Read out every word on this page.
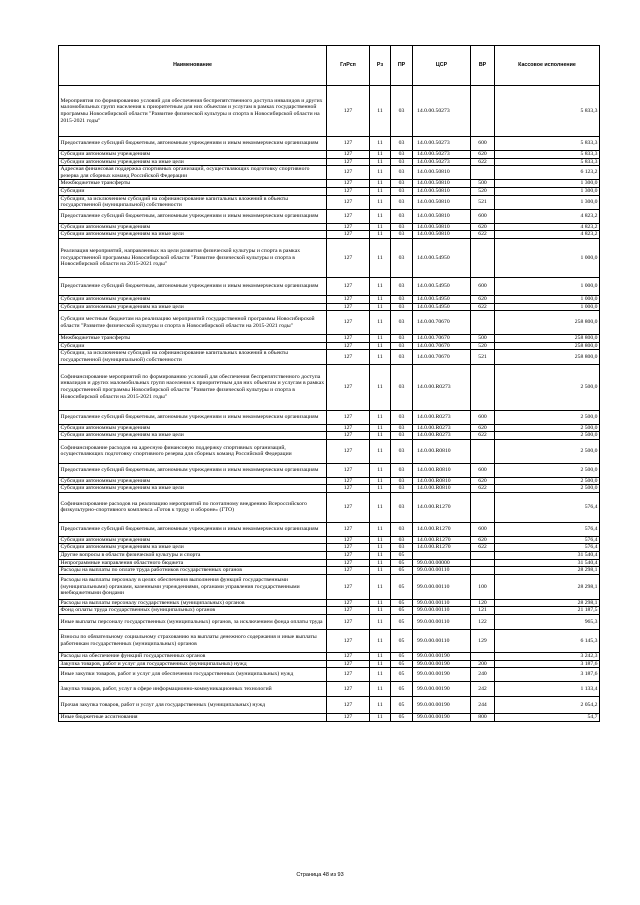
Наименование	ГлРсп	Рз	ПР	ЦСР	ВР	Кассовое исполнение
Мероприятия по формированию условий для обеспечения беспрепятственного доступа инвалидов и других маломобильных групп населения к приоритетным для них объектам и услугам в рамках государственной программы Новосибирской области "Развитие физической культуры и спорта в Новосибирской области на 2015-2021 годы"	127	11	03	14.0.00.50273		5 833,3
Предоставление субсидий бюджетным, автономным учреждениям и иным некоммерческим организациям	127	11	03	14.0.00.50273	600	5 833,3
Субсидии автономным учреждениям	127	11	03	14.0.00.50273	620	5 833,3
Субсидии автономным учреждениям на иные цели	127	11	03	14.0.00.50273	622	5 833,3
Адресная финансовая поддержка спортивных организаций, осуществляющих подготовку спортивного резерва для сборных команд Российской Федерации	127	11	03	14.0.00.50810		6 123,2
Межбюджетные трансферты	127	11	03	14.0.00.50810	500	1 300,0
Субсидии	127	11	03	14.0.00.50810	520	1 300,0
Субсидии, за исключением субсидий на софинансирование капитальных вложений в объекты государственной (муниципальной) собственности	127	11	03	14.0.00.50810	521	1 300,0
Предоставление субсидий бюджетным, автономным учреждениям и иным некоммерческим организациям	127	11	03	14.0.00.50810	600	4 823,2
Субсидии автономным учреждениям	127	11	03	14.0.00.50810	620	4 823,2
Субсидии автономным учреждениям на иные цели	127	11	03	14.0.00.50810	622	4 823,2
Реализация мероприятий, направленных на цели развития физической культуры и спорта в рамках государственной программы Новосибирской области "Развитие физической культуры и спорта в Новосибирской области на 2015-2021 годы"	127	11	03	14.0.00.54950		1 000,0
Предоставление субсидий бюджетным, автономным учреждениям и иным некоммерческим организациям	127	11	03	14.0.00.54950	600	1 000,0
Субсидии автономным учреждениям	127	11	03	14.0.00.54950	620	1 000,0
Субсидии автономным учреждениям на иные цели	127	11	03	14.0.00.54950	622	1 000,0
Субсидии местным бюджетам на реализацию мероприятий государственной программы Новосибирской области "Развитие физической культуры и спорта в Новосибирской области на 2015-2021 годы"	127	11	03	14.0.00.70670		258 800,0
Межбюджетные трансферты	127	11	03	14.0.00.70670	500	258 800,0
Субсидии	127	11	03	14.0.00.70670	520	258 800,0
Субсидии, за исключением субсидий на софинансирование капитальных вложений в объекты государственной (муниципальной) собственности	127	11	03	14.0.00.70670	521	258 800,0
Софинансирование мероприятий по формированию условий для обеспечения беспрепятственного доступа инвалидов и других маломобильных групп населения к приоритетным для них объектам и услугам в рамках государственной программы Новосибирской области "Развитие физической культуры и спорта в Новосибирской области на 2015-2021 годы"	127	11	03	14.0.00.R0273		2 500,0
Предоставление субсидий бюджетным, автономным учреждениям и иным некоммерческим организациям	127	11	03	14.0.00.R0273	600	2 500,0
Субсидии автономным учреждениям	127	11	03	14.0.00.R0273	620	2 500,0
Субсидии автономным учреждениям на иные цели	127	11	03	14.0.00.R0273	622	2 500,0
Софинансирование расходов на адресную финансовую поддержку спортивных организаций, осуществляющих подготовку спортивного резерва для сборных команд Российской Федерации	127	11	03	14.0.00.R0810		2 500,0
Предоставление субсидий бюджетным, автономным учреждениям и иным некоммерческим организациям	127	11	03	14.0.00.R0810	600	2 500,0
Субсидии автономным учреждениям	127	11	03	14.0.00.R0810	620	2 500,0
Субсидии автономным учреждениям на иные цели	127	11	03	14.0.00.R0810	622	2 500,0
Софинансирование расходов на реализацию мероприятий по поэтапному внедрению Всероссийского физкультурно-спортивного комплекса «Готов к труду и обороне» (ГТО)	127	11	03	14.0.00.R1270		576,4
Предоставление субсидий бюджетным, автономным учреждениям и иным некоммерческим организациям	127	11	03	14.0.00.R1270	600	576,4
Субсидии автономным учреждениям	127	11	03	14.0.00.R1270	620	576,4
Субсидии автономным учреждениям на иные цели	127	11	03	14.0.00.R1270	622	576,4
Другие вопросы в области физической культуры и спорта	127	11	05			31 540,4
Непрограммные направления областного бюджета	127	11	05	99.0.00.00000		31 540,4
Расходы на выплаты по оплате труда работников государственных органов	127	11	05	99.0.00.00110		28 298,1
Расходы на выплаты персоналу в целях обеспечения выполнения функций государственными (муниципальными) органами, казенными учреждениями, органами управления государственными внебюджетными фондами	127	11	05	99.0.00.00110	100	28 298,1
Расходы на выплаты персоналу государственных (муниципальных) органов	127	11	05	99.0.00.00110	120	28 298,1
Фонд оплаты труда государственных (муниципальных) органов	127	11	05	99.0.00.00110	121	21 187,5
Иные выплаты персоналу государственных (муниципальных) органов, за исключением фонда оплаты труда	127	11	05	99.0.00.00110	122	965,3
Взносы по обязательному социальному страхованию на выплаты денежного содержания и иные выплаты работникам государственных (муниципальных) органов	127	11	05	99.0.00.00110	129	6 145,3
Расходы на обеспечение функций государственных органов	127	11	05	99.0.00.00190		3 242,3
Закупка товаров, работ и услуг для государственных (муниципальных) нужд	127	11	05	99.0.00.00190	200	3 187,6
Иные закупки товаров, работ и услуг для обеспечения государственных (муниципальных) нужд	127	11	05	99.0.00.00190	240	3 187,6
Закупка товаров, работ, услуг в сфере информационно-коммуникационных технологий	127	11	05	99.0.00.00190	242	1 133,4
Прочая закупка товаров, работ и услуг для государственных (муниципальных) нужд	127	11	05	99.0.00.00190	244	2 054,2
Иные бюджетные ассигнования	127	11	05	99.0.00.00190	800	54,7
Страница 48 из 93
